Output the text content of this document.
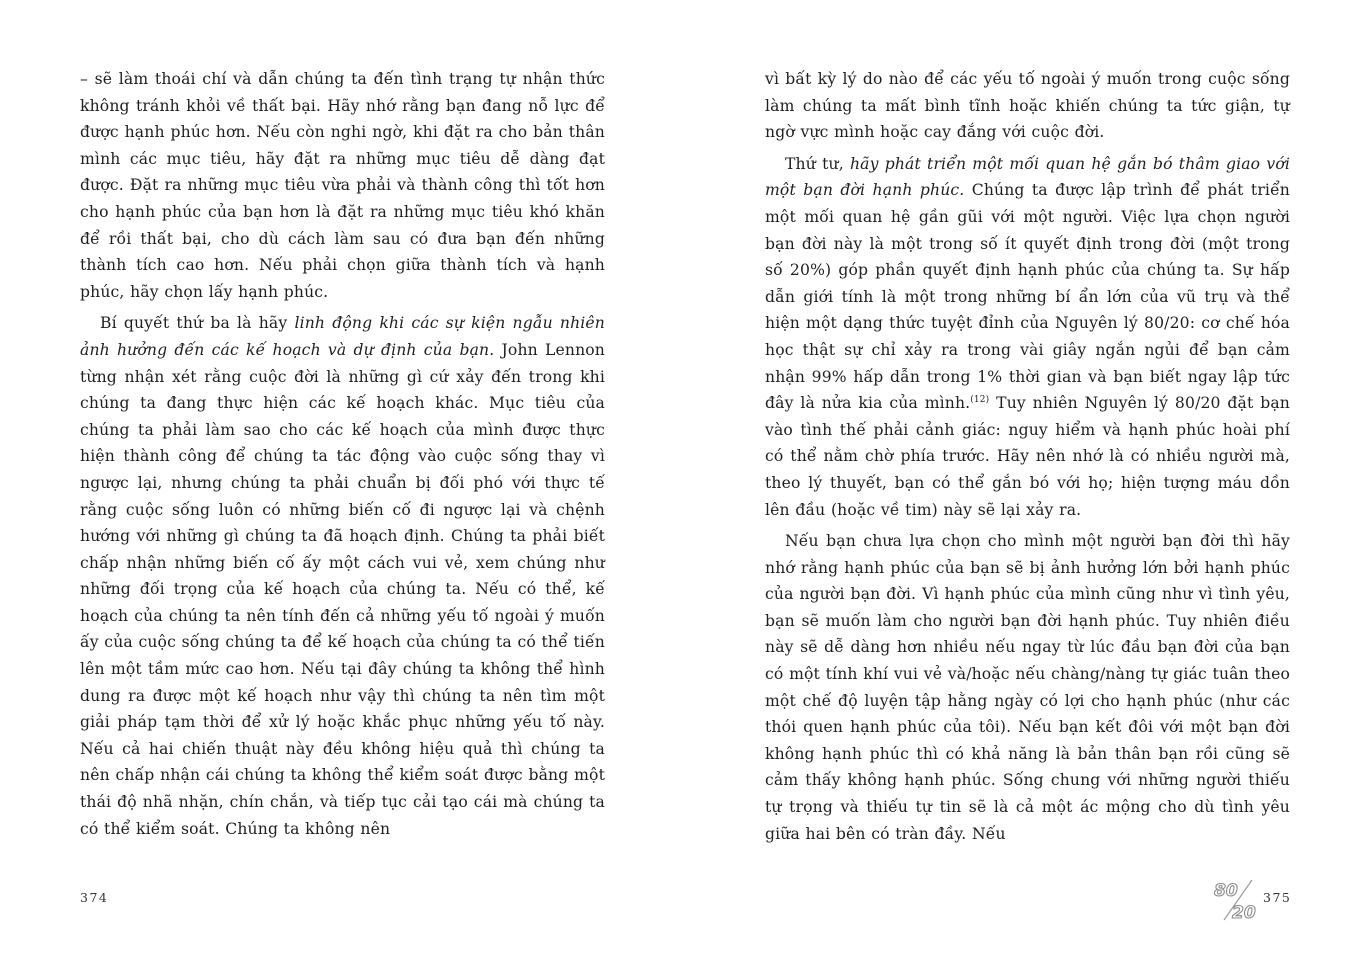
– sẽ làm thoái chí và dẫn chúng ta đến tình trạng tự nhận thức không tránh khỏi về thất bại. Hãy nhớ rằng bạn đang nỗ lực để được hạnh phúc hơn. Nếu còn nghi ngờ, khi đặt ra cho bản thân mình các mục tiêu, hãy đặt ra những mục tiêu dễ dàng đạt được. Đặt ra những mục tiêu vừa phải và thành công thì tốt hơn cho hạnh phúc của bạn hơn là đặt ra những mục tiêu khó khăn để rồi thất bại, cho dù cách làm sau có đưa bạn đến những thành tích cao hơn. Nếu phải chọn giữa thành tích và hạnh phúc, hãy chọn lấy hạnh phúc.

Bí quyết thứ ba là hãy linh động khi các sự kiện ngẫu nhiên ảnh hưởng đến các kế hoạch và dự định của bạn. John Lennon từng nhận xét rằng cuộc đời là những gì cứ xảy đến trong khi chúng ta đang thực hiện các kế hoạch khác. Mục tiêu của chúng ta phải làm sao cho các kế hoạch của mình được thực hiện thành công để chúng ta tác động vào cuộc sống thay vì ngược lại, nhưng chúng ta phải chuẩn bị đối phó với thực tế rằng cuộc sống luôn có những biến cố đi ngược lại và chệnh hướng với những gì chúng ta đã hoạch định. Chúng ta phải biết chấp nhận những biến cố ấy một cách vui vẻ, xem chúng như những đối trọng của kế hoạch của chúng ta. Nếu có thể, kế hoạch của chúng ta nên tính đến cả những yếu tố ngoài ý muốn ấy của cuộc sống chúng ta để kế hoạch của chúng ta có thể tiến lên một tầm mức cao hơn. Nếu tại đây chúng ta không thể hình dung ra được một kế hoạch như vậy thì chúng ta nên tìm một giải pháp tạm thời để xử lý hoặc khắc phục những yếu tố này. Nếu cả hai chiến thuật này đều không hiệu quả thì chúng ta nên chấp nhận cái chúng ta không thể kiểm soát được bằng một thái độ nhã nhặn, chín chắn, và tiếp tục cải tạo cái mà chúng ta có thể kiểm soát. Chúng ta không nên

vì bất kỳ lý do nào để các yếu tố ngoài ý muốn trong cuộc sống làm chúng ta mất bình tĩnh hoặc khiến chúng ta tức giận, tự ngờ vực mình hoặc cay đắng với cuộc đời.

Thứ tư, hãy phát triển một mối quan hệ gắn bó thâm giao với một bạn đời hạnh phúc. Chúng ta được lập trình để phát triển một mối quan hệ gần gũi với một người. Việc lựa chọn người bạn đời này là một trong số ít quyết định trong đời (một trong số 20%) góp phần quyết định hạnh phúc của chúng ta. Sự hấp dẫn giới tính là một trong những bí ẩn lớn của vũ trụ và thể hiện một dạng thức tuyệt đỉnh của Nguyên lý 80/20: cơ chế hóa học thật sự chỉ xảy ra trong vài giây ngắn ngủi để bạn cảm nhận 99% hấp dẫn trong 1% thời gian và bạn biết ngay lập tức đây là nửa kia của mình.$^{(12)}$ Tuy nhiên Nguyên lý 80/20 đặt bạn vào tình thế phải cảnh giác: nguy hiểm và hạnh phúc hoài phí có thể nằm chờ phía trước. Hãy nên nhớ là có nhiều người mà, theo lý thuyết, bạn có thể gắn bó với họ; hiện tượng máu dồn lên đầu (hoặc về tim) này sẽ lại xảy ra.

Nếu bạn chưa lựa chọn cho mình một người bạn đời thì hãy nhớ rằng hạnh phúc của bạn sẽ bị ảnh hưởng lớn bởi hạnh phúc của người bạn đời. Vì hạnh phúc của mình cũng như vì tình yêu, bạn sẽ muốn làm cho người bạn đời hạnh phúc. Tuy nhiên điều này sẽ dễ dàng hơn nhiều nếu ngay từ lúc đầu bạn đời của bạn có một tính khí vui vẻ và/hoặc nếu chàng/nàng tự giác tuân theo một chế độ luyện tập hằng ngày có lợi cho hạnh phúc (như các thói quen hạnh phúc của tôi). Nếu bạn kết đôi với một bạn đời không hạnh phúc thì có khả năng là bản thân bạn rồi cũng sẽ cảm thấy không hạnh phúc. Sống chung với những người thiếu tự trọng và thiếu tự tin sẽ là cả một ác mộng cho dù tình yêu giữa hai bên có tràn đầy. Nếu

374	80
20
375
